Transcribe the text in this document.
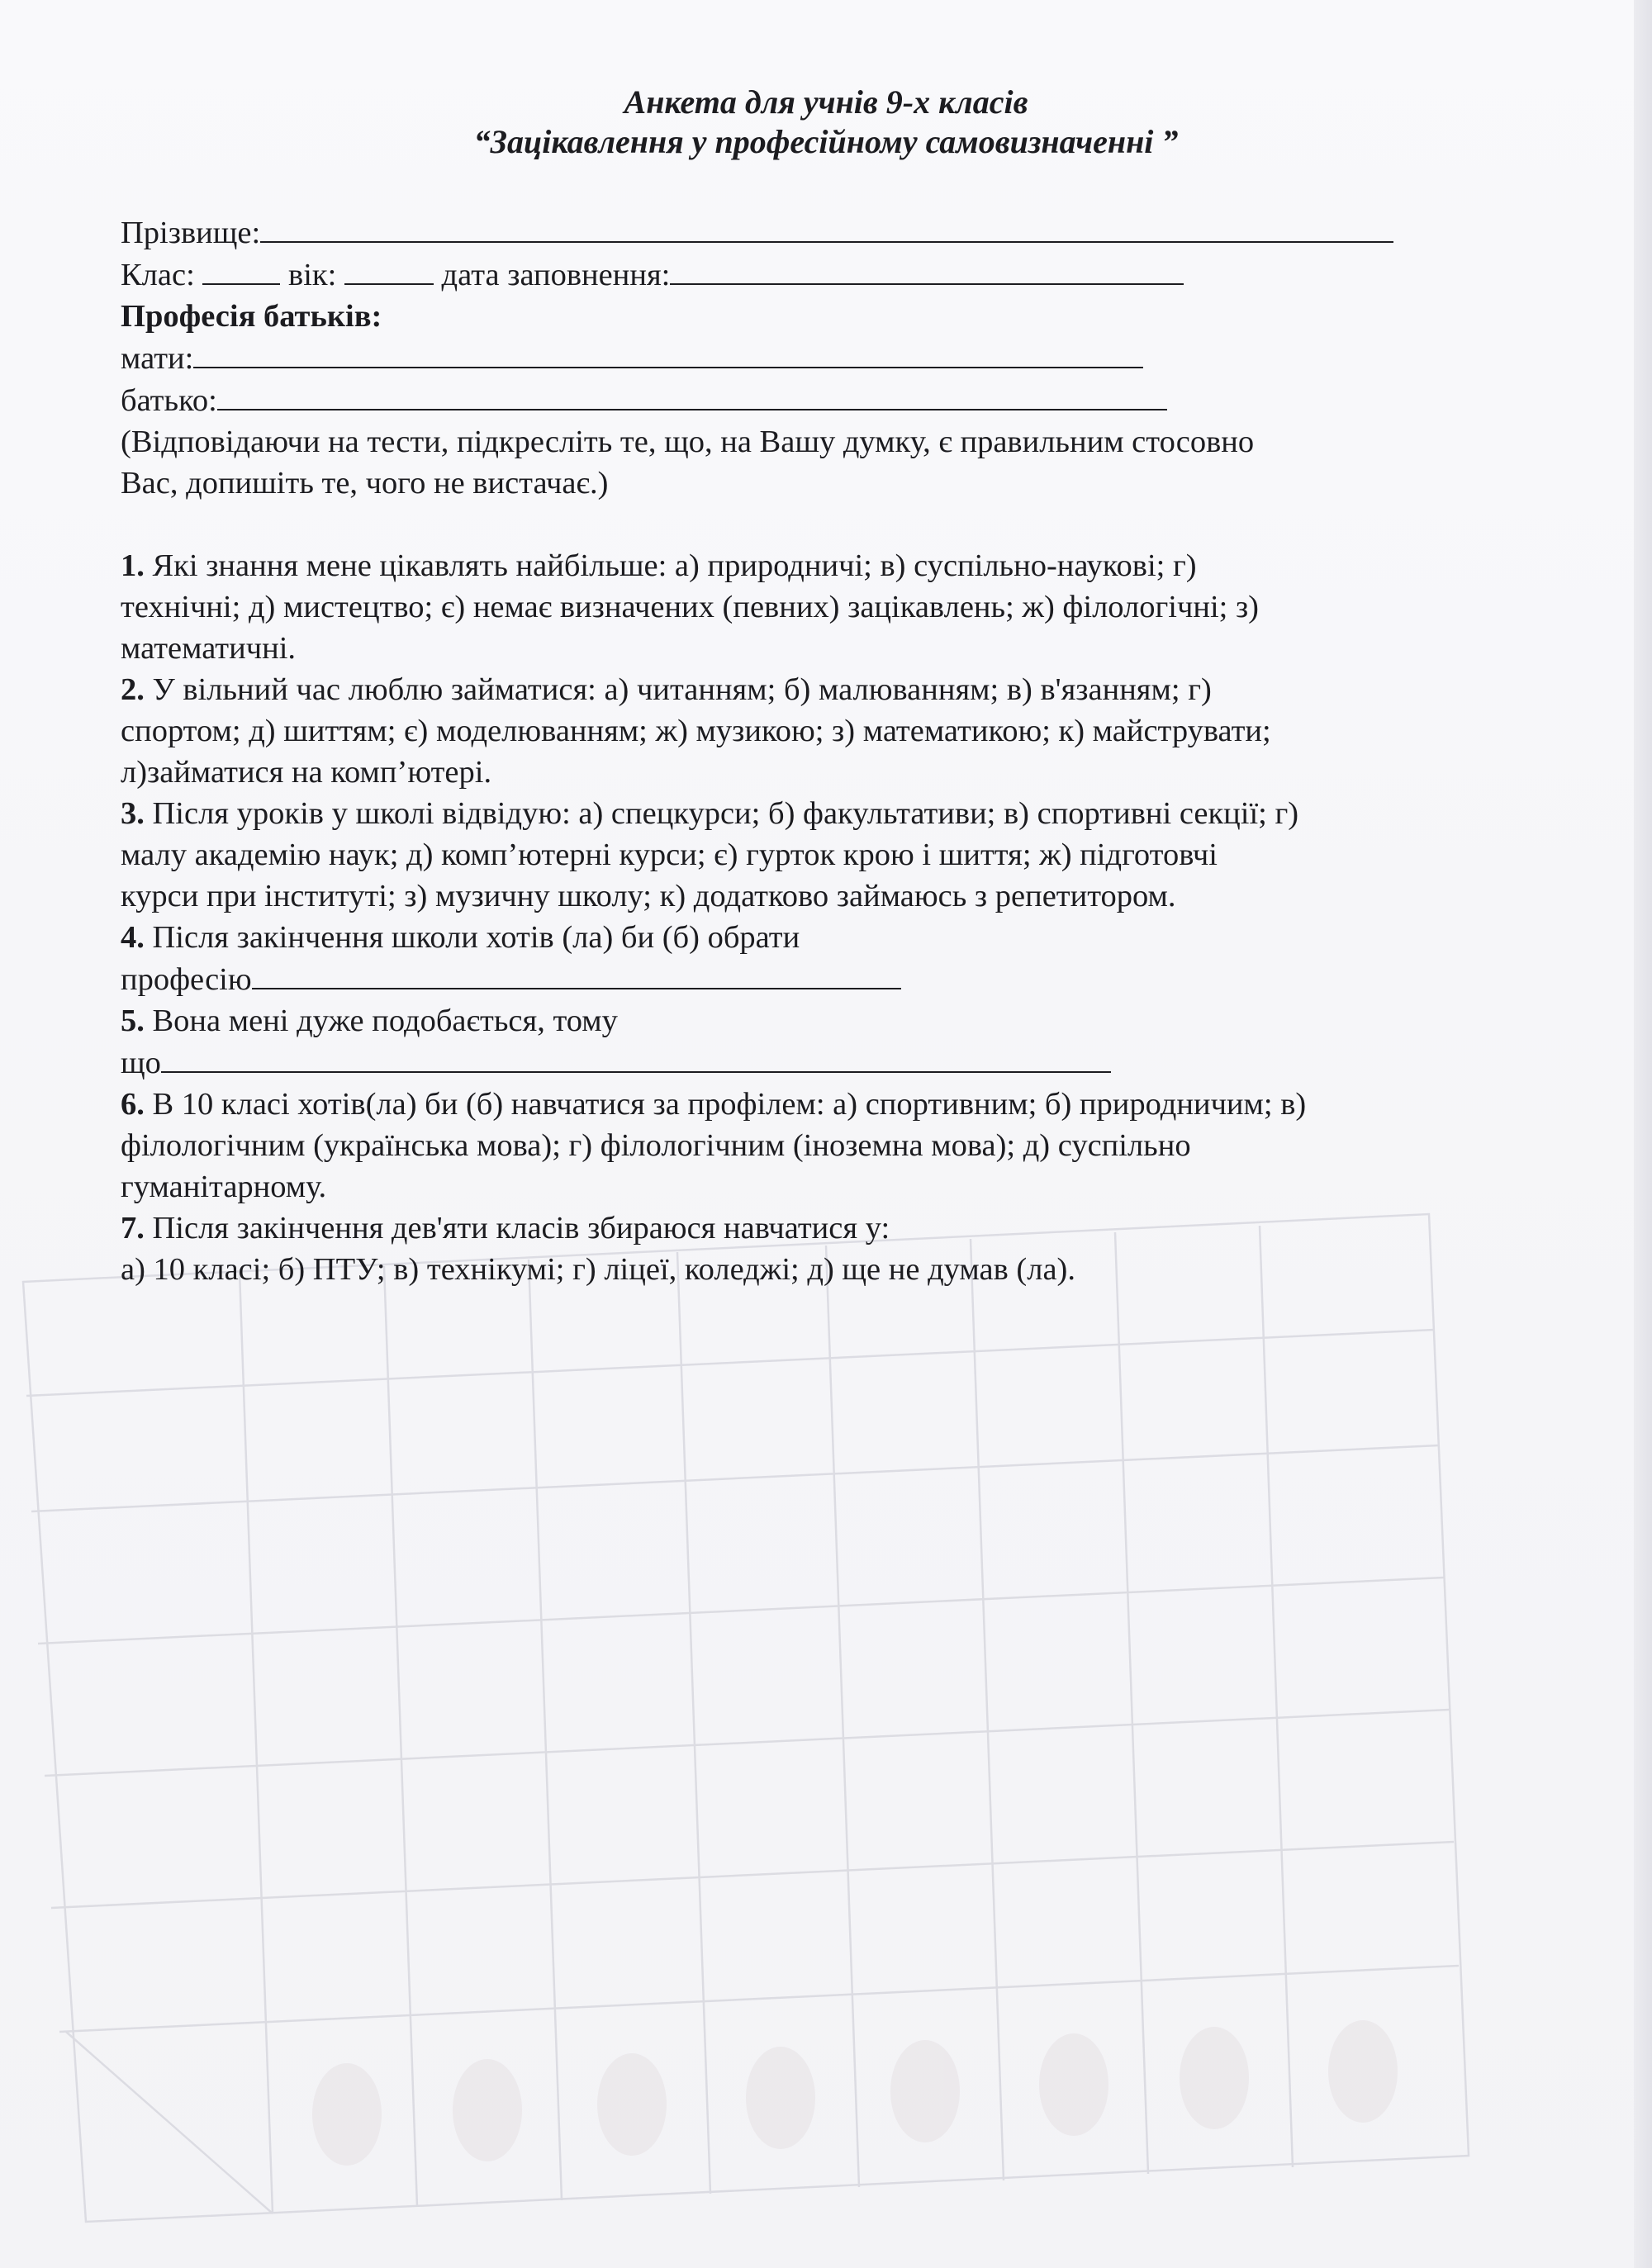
Анкета для учнів 9-х класів
“Зацікавлення у професійному самовизначенні ”
Прізвище:
Клас:	вік:	дата заповнення:
Професія батьків:
мати:
батько:
(Відповідаючи на тести, підкресліть те, що, на Вашу думку, є правильним стосовно
Вас, допишіть те, чого не вистачає.)
1. Які знання мене цікавлять найбільше: а) природничі; в) суспільно-наукові; г)
технічні; д) мистецтво; є) немає визначених (певних) зацікавлень; ж) філологічні; з)
математичні.
2. У вільний час люблю займатися: а) читанням; б) малюванням; в) в'язанням; г)
спортом; д) шиттям; є) моделюванням; ж) музикою; з) математикою; к) майструвати;
л)займатися на комп’ютері.
3. Після уроків у школі відвідую: а) спецкурси; б) факультативи; в) спортивні секції; г)
малу академію наук; д) комп’ютерні курси; є) гурток крою і шиття; ж) підготовчі
курси при інституті; з) музичну школу; к) додатково займаюсь з репетитором.
4. Після закінчення школи хотів (ла) би (б) обрати
професію
5. Вона мені дуже подобається, тому
що
6. В 10 класі хотів(ла) би (б) навчатися за профілем: а) спортивним; б) природничим; в)
філологічним (українська мова); г) філологічним (іноземна мова); д) суспільно
гуманітарному.
7. Після закінчення дев'яти класів збираюся навчатися у:
а) 10 класі; б) ПТУ; в) технікумі; г) ліцеї, коледжі; д) ще не думав (ла).
